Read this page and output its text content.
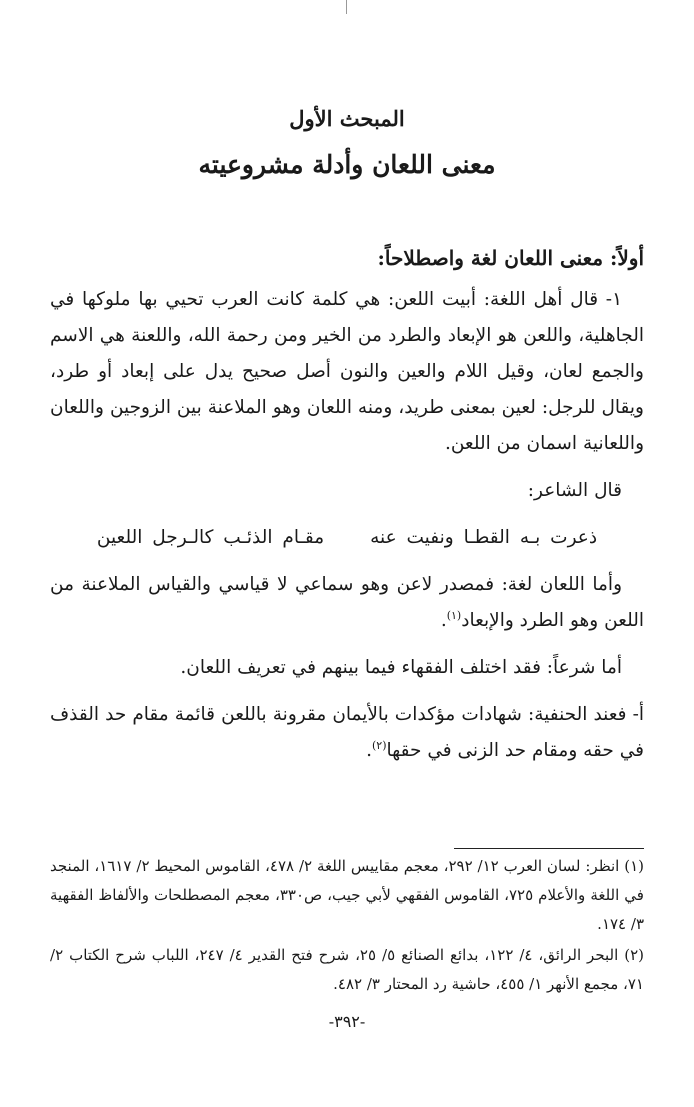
المبحث الأول
معنى اللعان وأدلة مشروعيته

أولاً: معنى اللعان لغة واصطلاحاً:

١- قال أهل اللغة: أبيت اللعن: هي كلمة كانت العرب تحيي بها ملوكها في الجاهلية، واللعن هو الإبعاد والطرد من الخير ومن رحمة الله، واللعنة هي الاسم والجمع لعان، وقيل اللام والعين والنون أصل صحيح يدل على إبعاد أو طرد، ويقال للرجل: لعين بمعنى طريد، ومنه اللعان وهو الملاعنة بين الزوجين واللعان واللعانية اسمان من اللعن.

قال الشاعر:

ذعرت بـه القطـا ونفيت عنه مقـام الذئـب كالـرجل اللعين

وأما اللعان لغة: فمصدر لاعن وهو سماعي لا قياسي والقياس الملاعنة من اللعن وهو الطرد والإبعاد$^{(١)}$.

أما شرعاً: فقد اختلف الفقهاء فيما بينهم في تعريف اللعان.

أ- فعند الحنفية: شهادات مؤكدات بالأيمان مقرونة باللعن قائمة مقام حد القذف في حقه ومقام حد الزنى في حقها$^{(٢)}$.

(١) انظر: لسان العرب ١٢/ ٢٩٢، معجم مقاييس اللغة ٢/ ٤٧٨، القاموس المحيط ٢/ ١٦١٧، المنجد في اللغة والأعلام ٧٢٥، القاموس الفقهي لأبي جيب، ص٣٣٠، معجم المصطلحات والألفاظ الفقهية ٣/ ١٧٤.

(٢) البحر الرائق، ٤/ ١٢٢، بدائع الصنائع ٥/ ٢٥، شرح فتح القدير ٤/ ٢٤٧، اللباب شرح الكتاب ٢/ ٧١، مجمع الأنهر ١/ ٤٥٥، حاشية رد المحتار ٣/ ٤٨٢.

-٣٩٢-
